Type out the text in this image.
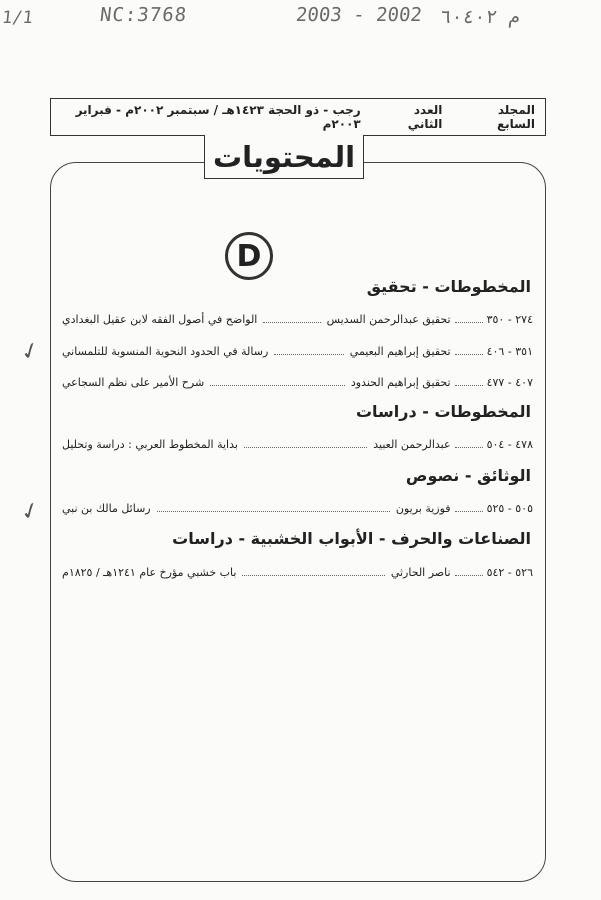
1/1	NC:3768	2003 - 2002 م ٦٠٤٠٢
المجلد السابع
العدد الثاني
رجب - ذو الحجة ١٤٢٣هـ / سبتمبر ٢٠٠٢م - فبراير ٢٠٠٣م
المحتويات
D
المخطوطات - تحقيق
الواضح في أصول الفقه لابن عقيل البغدادي	تحقيق عبدالرحمن السديس	٢٧٤ - ٣٥٠
رسالة في الحدود النحوية المنسوبة للتلمساني	تحقيق إبراهيم البعيمي	٣٥١ - ٤٠٦
شرح الأمير على نظم السجاعي	تحقيق إبراهيم الحندود	٤٠٧ - ٤٧٧
المخطوطات - دراسات
بداية المخطوط العربي : دراسة وتحليل	عبدالرحمن العبيد	٤٧٨ - ٥٠٤
الوثائق - نصوص
رسائل مالك بن نبي	فوزية بريون	٥٠٥ - ٥٢٥
الصناعات والحرف - الأبواب الخشبية - دراسات
باب خشبي مؤرخ عام ١٢٤١هـ / ١٨٢٥م	ناصر الحارثي	٥٢٦ - ٥٤٢
✓
✓
